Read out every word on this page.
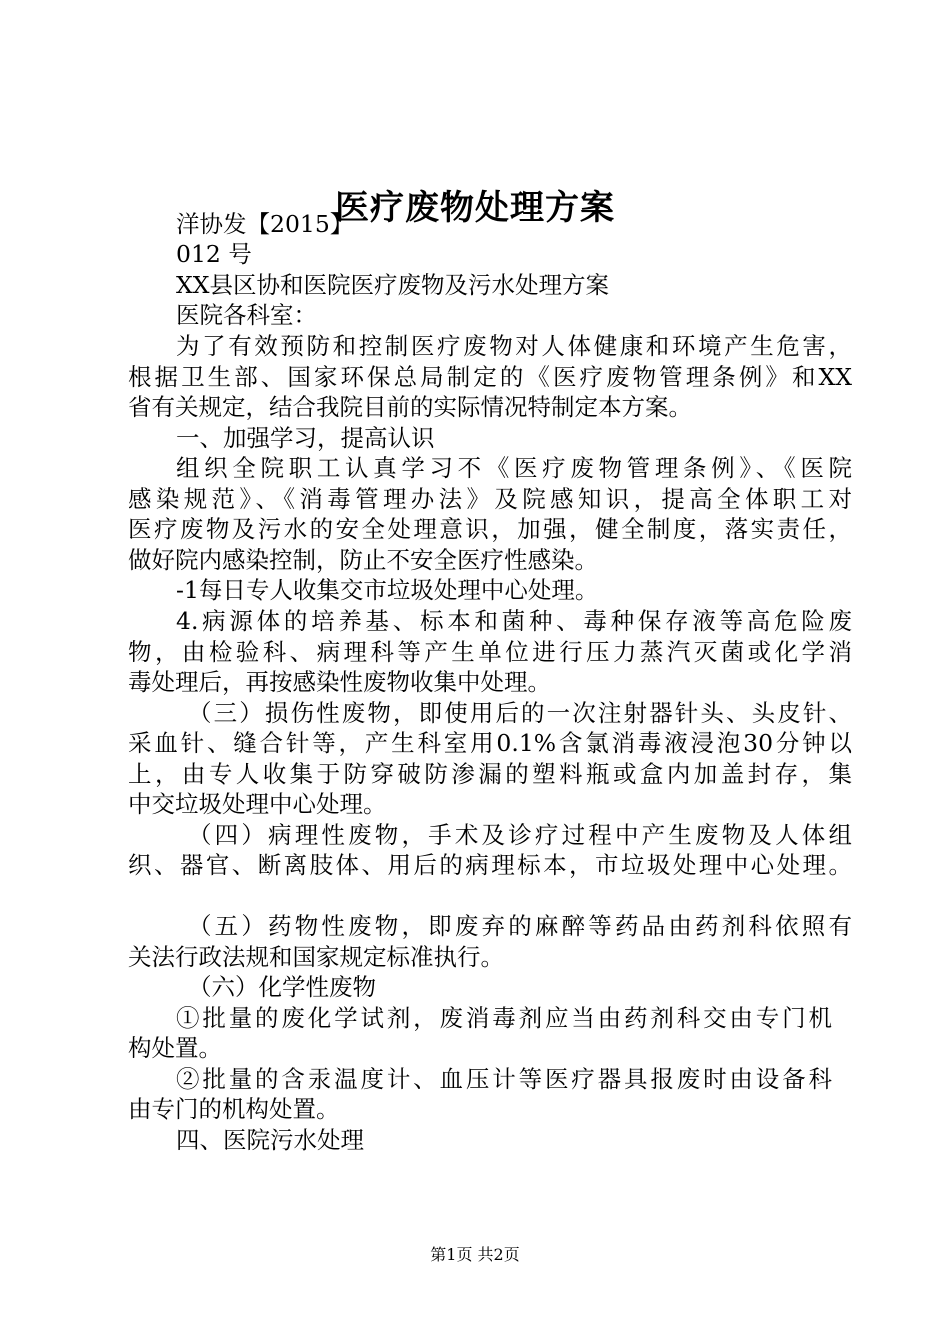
医疗废物处理方案
洋协发【2015】
012 号
XX县区协和医院医疗废物及污水处理方案
医院各科室：
为了有效预防和控制医疗废物对人体健康和环境产生危害，
根据卫生部、国家环保总局制定的《医疗废物管理条例》和XX
省有关规定，结合我院目前的实际情况特制定本方案。
一、加强学习，提高认识
组织全院职工认真学习不《医疗废物管理条例》、《医院
感染规范》、《消毒管理办法》及院感知识，提高全体职工对
医疗废物及污水的安全处理意识，加强，健全制度，落实责任，
做好院内感染控制，防止不安全医疗性感染。
-1每日专人收集交市垃圾处理中心处理。
4.病源体的培养基、标本和菌种、毒种保存液等高危险废
物，由检验科、病理科等产生单位进行压力蒸汽灭菌或化学消
毒处理后，再按感染性废物收集中处理。
（三）损伤性废物，即使用后的一次注射器针头、头皮针、
采血针、缝合针等，产生科室用0.1%含氯消毒液浸泡30分钟以
上，由专人收集于防穿破防渗漏的塑料瓶或盒内加盖封存，集
中交垃圾处理中心处理。
（四）病理性废物，手术及诊疗过程中产生废物及人体组
织、器官、断离肢体、用后的病理标本，市垃圾处理中心处理。
（五）药物性废物，即废弃的麻醉等药品由药剂科依照有
关法行政法规和国家规定标准执行。
（六）化学性废物
①批量的废化学试剂，废消毒剂应当由药剂科交由专门机
构处置。
②批量的含汞温度计、血压计等医疗器具报废时由设备科
由专门的机构处置。
四、医院污水处理
第1页 共2页
